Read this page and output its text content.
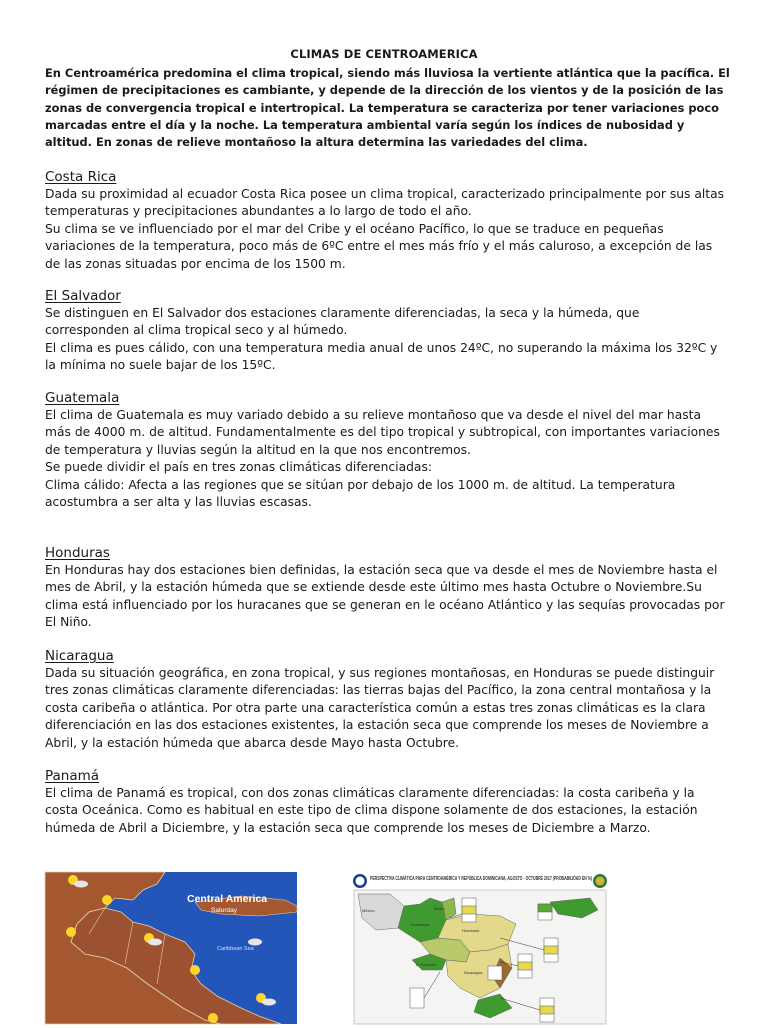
CLIMAS DE CENTROAMERICA
En Centroamérica predomina el clima tropical, siendo más lluviosa la vertiente atlántica que la pacífica. El régimen de precipitaciones es cambiante, y depende de la dirección de los vientos y de la posición de las zonas de convergencia tropical e intertropical. La temperatura se caracteriza por tener variaciones poco marcadas entre el día y la noche. La temperatura ambiental varía según los índices de nubosidad y altitud. En zonas de relieve montañoso la altura determina las variedades del clima.
Costa Rica
Dada su proximidad al ecuador Costa Rica posee un clima tropical, caracterizado principalmente por sus altas temperaturas y precipitaciones abundantes a lo largo de todo el año.
Su clima se ve influenciado por el mar del Cribe y el océano Pacífico, lo que se traduce en pequeñas variaciones de la temperatura, poco más de 6ºC entre el mes más frío y el más caluroso, a excepción de las de las zonas situadas por encima de los 1500 m.
El Salvador
Se distinguen en El Salvador dos estaciones claramente diferenciadas, la seca y la húmeda, que corresponden al clima tropical seco y al húmedo.
El clima es pues cálido, con una temperatura media anual de unos 24ºC, no superando la máxima los 32ºC y la mínima no suele bajar de los 15ºC.
Guatemala
El clima de Guatemala es muy variado debido a su relieve montañoso que va desde el nivel del mar hasta más de 4000 m. de altitud. Fundamentalmente es del tipo tropical y subtropical, con importantes variaciones de temperatura y lluvias según la altitud en la que nos encontremos.
Se puede dividir el país en tres zonas climáticas diferenciadas:
Clima cálido: Afecta a las regiones que se sitúan por debajo de los 1000 m. de altitud. La temperatura acostumbra a ser alta y las lluvias escasas.
Honduras
En Honduras hay dos estaciones bien definidas, la estación seca que va desde el mes de Noviembre hasta el mes de Abril, y la estación húmeda que se extiende desde este último mes hasta Octubre o Noviembre.Su clima está influenciado por los huracanes que se generan en le océano Atlántico y las sequías provocadas por El Niño.
Nicaragua
Dada su situación geográfica, en zona tropical, y sus regiones montañosas, en Honduras se puede distinguir tres zonas climáticas claramente diferenciadas: las tierras bajas del Pacífico, la zona central montañosa y la costa caribeña o atlántica. Por otra parte una característica común a estas tres zonas climáticas es la clara diferenciación en las dos estaciones existentes, la estación seca que comprende los meses de Noviembre a Abril, y la estación húmeda que abarca desde Mayo hasta Octubre.
Panamá
El clima de Panamá es tropical, con dos zonas climáticas claramente diferenciadas: la costa caribeña y la costa Oceánica. Como es habitual en este tipo de clima dispone solamente de dos estaciones, la estación húmeda de Abril a Diciembre, y la estación seca que comprende los meses de Diciembre a Marzo.
Central America
Saturday
Caribbean Sea
PERSPECTIVA CLIMÁTICA PARA CENTROAMÉRICA Y REPÚBLICA DOMINICANA, AGOSTO - OCTUBRE 2017 (PROBABILIDAD EN %)
México	Belice
Guatemala
Honduras
El Salvador
Nicaragua
